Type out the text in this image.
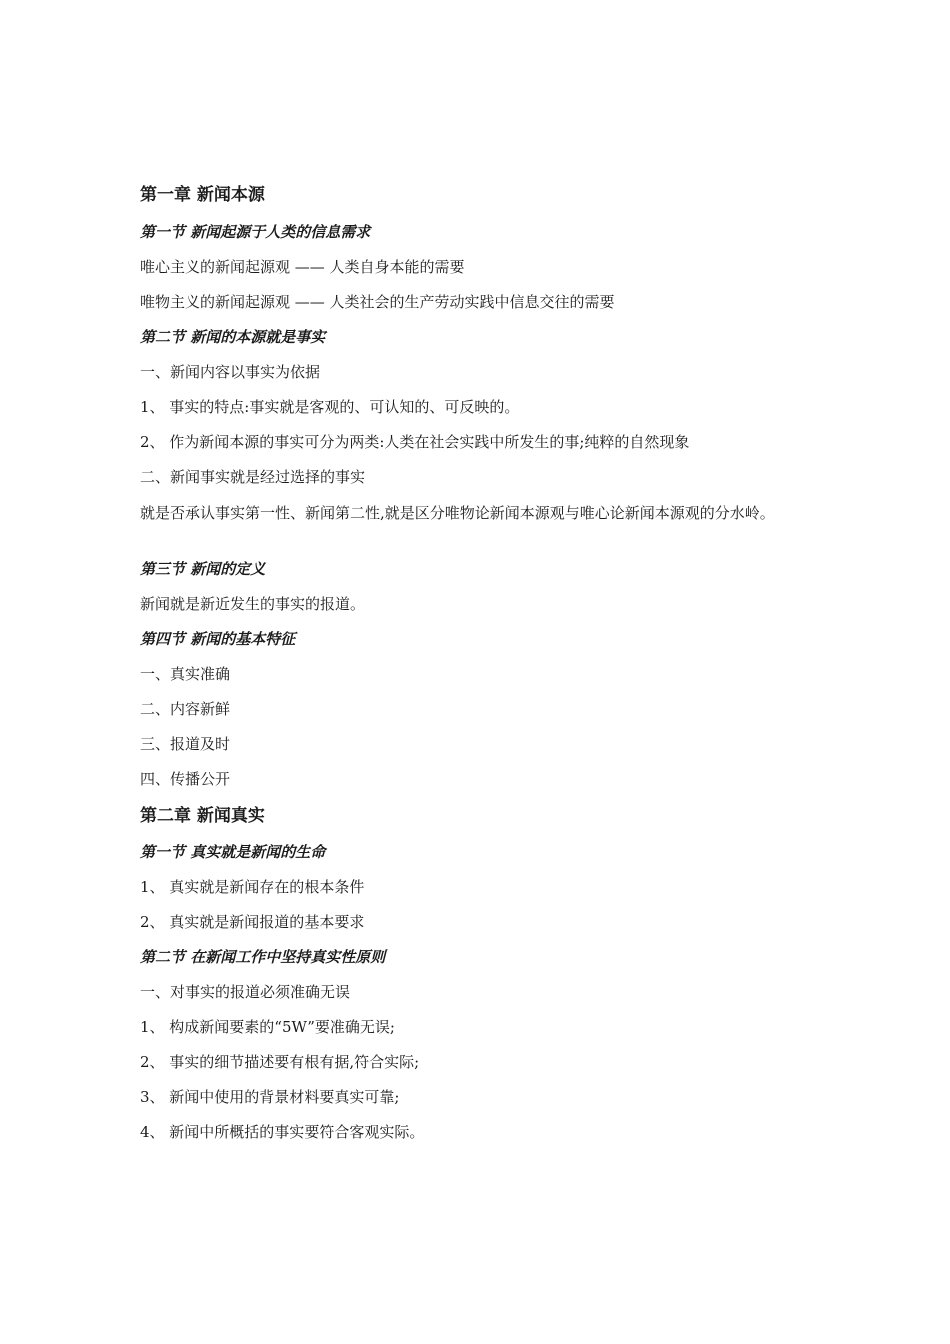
第一章 新闻本源
第一节 新闻起源于人类的信息需求
唯心主义的新闻起源观 —— 人类自身本能的需要
唯物主义的新闻起源观 —— 人类社会的生产劳动实践中信息交往的需要
第二节 新闻的本源就是事实
一、新闻内容以事实为依据
1、 事实的特点:事实就是客观的、可认知的、可反映的。
2、 作为新闻本源的事实可分为两类:人类在社会实践中所发生的事;纯粹的自然现象
二、新闻事实就是经过选择的事实
就是否承认事实第一性、新闻第二性,就是区分唯物论新闻本源观与唯心论新闻本源观的分水岭。
第三节 新闻的定义
新闻就是新近发生的事实的报道。
第四节 新闻的基本特征
一、真实准确
二、内容新鲜
三、报道及时
四、传播公开
第二章 新闻真实
第一节 真实就是新闻的生命
1、 真实就是新闻存在的根本条件
2、 真实就是新闻报道的基本要求
第二节 在新闻工作中坚持真实性原则
一、对事实的报道必须准确无误
1、 构成新闻要素的“5W”要准确无误;
2、 事实的细节描述要有根有据,符合实际;
3、 新闻中使用的背景材料要真实可靠;
4、 新闻中所概括的事实要符合客观实际。
